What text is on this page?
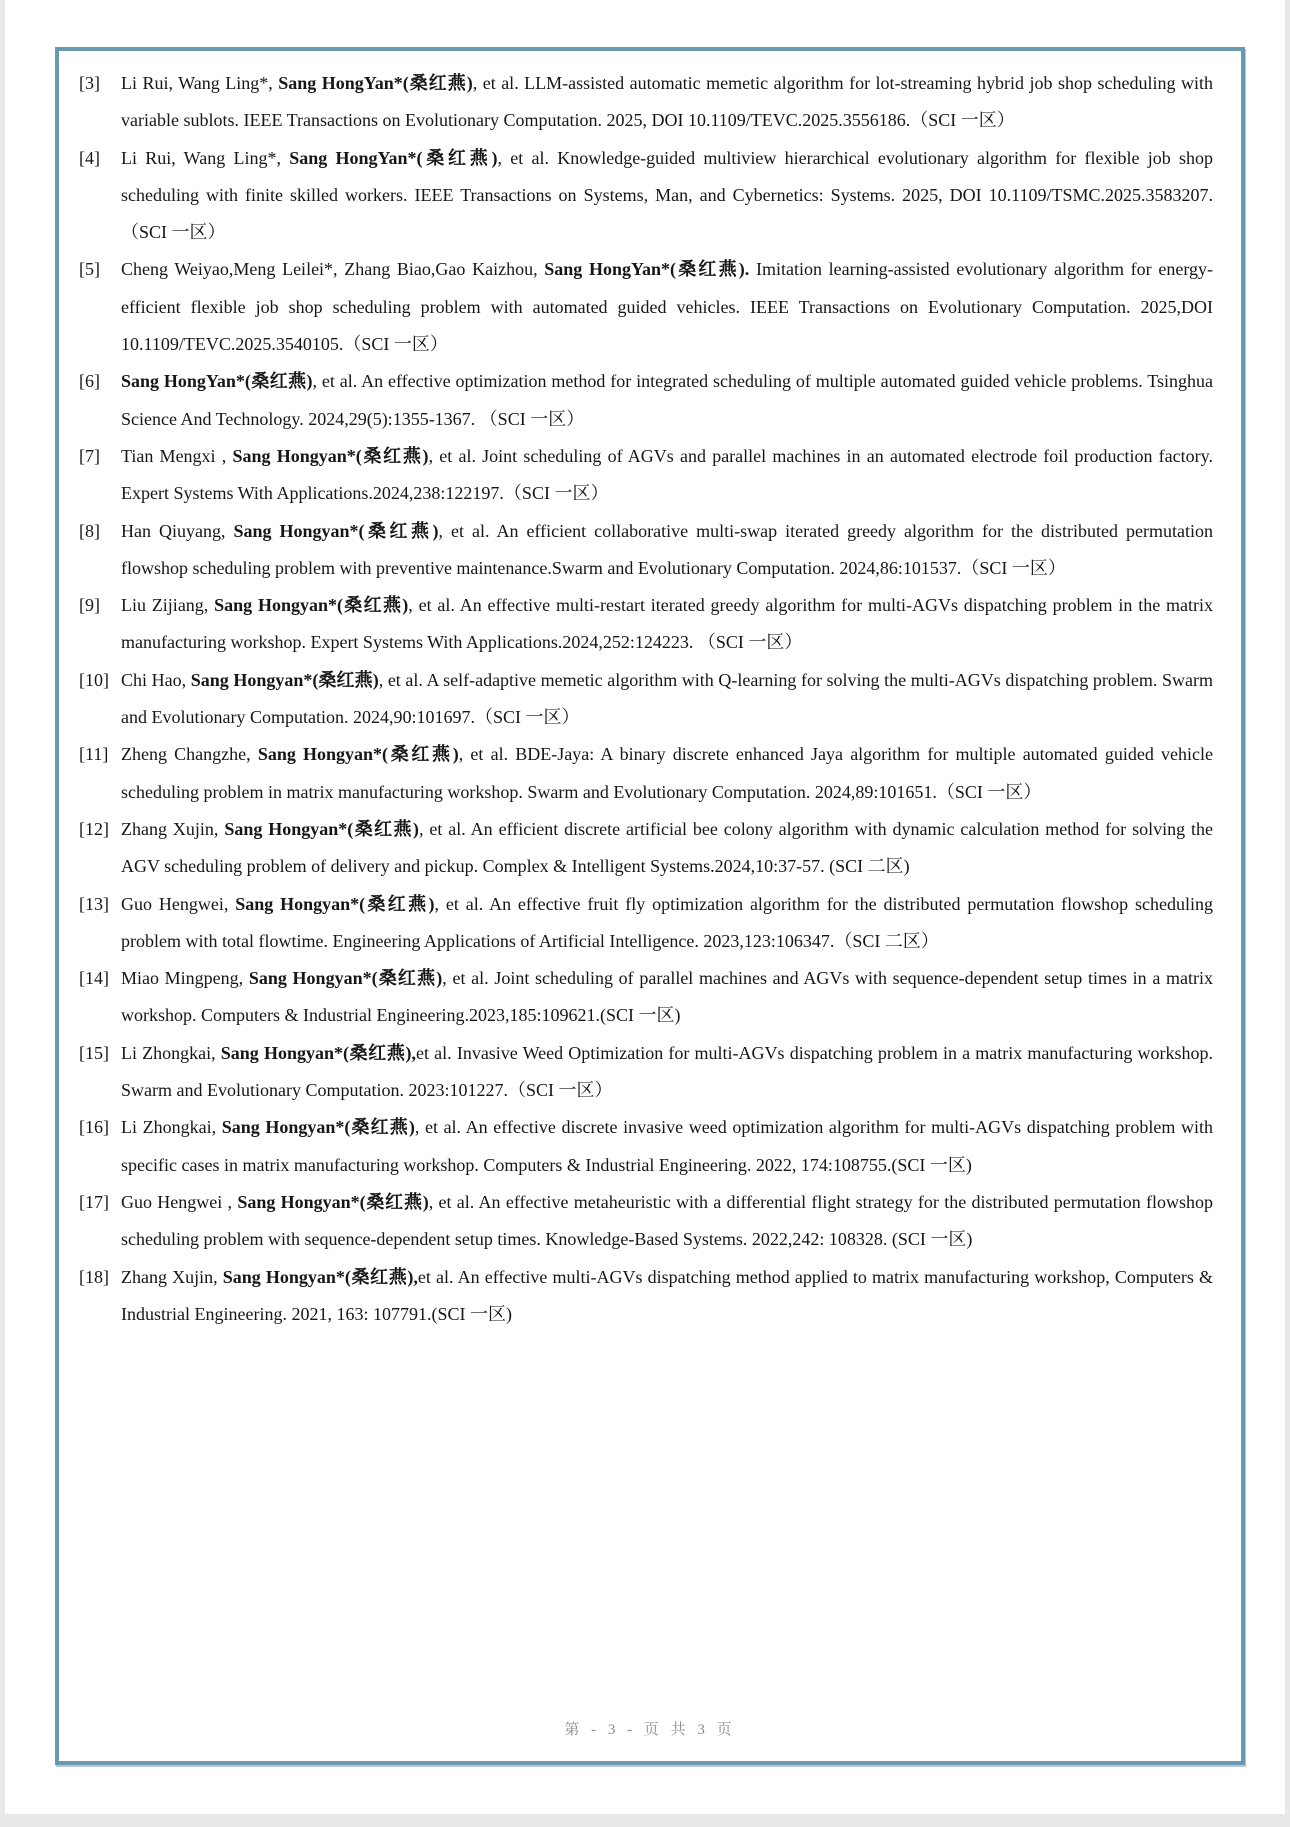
[3]	Li Rui, Wang Ling*, Sang HongYan*(桑红燕), et al. LLM-assisted automatic memetic algorithm for lot-streaming hybrid job shop scheduling with variable sublots. IEEE Transactions on Evolutionary Computation. 2025, DOI 10.1109/TEVC.2025.3556186.（SCI 一区）
[4]	Li Rui, Wang Ling*, Sang HongYan*(桑红燕), et al. Knowledge-guided multiview hierarchical evolutionary algorithm for flexible job shop scheduling with finite skilled workers. IEEE Transactions on Systems, Man, and Cybernetics: Systems. 2025, DOI 10.1109/TSMC.2025.3583207.（SCI 一区）
[5]	Cheng Weiyao,Meng Leilei*, Zhang Biao,Gao Kaizhou, Sang HongYan*(桑红燕). Imitation learning-assisted evolutionary algorithm for energy-efficient flexible job shop scheduling problem with automated guided vehicles. IEEE Transactions on Evolutionary Computation. 2025,DOI 10.1109/TEVC.2025.3540105.（SCI 一区）
[6]	Sang HongYan*(桑红燕), et al. An effective optimization method for integrated scheduling of multiple automated guided vehicle problems. Tsinghua Science And Technology. 2024,29(5):1355-1367. （SCI 一区）
[7]	Tian Mengxi , Sang Hongyan*(桑红燕), et al. Joint scheduling of AGVs and parallel machines in an automated electrode foil production factory. Expert Systems With Applications.2024,238:122197.（SCI 一区）
[8]	Han Qiuyang, Sang Hongyan*(桑红燕), et al. An efficient collaborative multi-swap iterated greedy algorithm for the distributed permutation flowshop scheduling problem with preventive maintenance.Swarm and Evolutionary Computation. 2024,86:101537.（SCI 一区）
[9]	Liu Zijiang, Sang Hongyan*(桑红燕), et al. An effective multi-restart iterated greedy algorithm for multi-AGVs dispatching problem in the matrix manufacturing workshop. Expert Systems With Applications.2024,252:124223. （SCI 一区）
[10] Chi Hao, Sang Hongyan*(桑红燕), et al. A self-adaptive memetic algorithm with Q-learning for solving the multi-AGVs dispatching problem. Swarm and Evolutionary Computation. 2024,90:101697.（SCI 一区）
[11] Zheng Changzhe, Sang Hongyan*(桑红燕), et al. BDE-Jaya: A binary discrete enhanced Jaya algorithm for multiple automated guided vehicle scheduling problem in matrix manufacturing workshop. Swarm and Evolutionary Computation. 2024,89:101651.（SCI 一区）
[12] Zhang Xujin, Sang Hongyan*(桑红燕), et al. An efficient discrete artificial bee colony algorithm with dynamic calculation method for solving the AGV scheduling problem of delivery and pickup. Complex & Intelligent Systems.2024,10:37-57. (SCI 二区)
[13] Guo Hengwei, Sang Hongyan*(桑红燕), et al. An effective fruit fly optimization algorithm for the distributed permutation flowshop scheduling problem with total flowtime. Engineering Applications of Artificial Intelligence. 2023,123:106347.（SCI 二区）
[14] Miao Mingpeng, Sang Hongyan*(桑红燕), et al. Joint scheduling of parallel machines and AGVs with sequence-dependent setup times in a matrix workshop. Computers & Industrial Engineering.2023,185:109621.(SCI 一区)
[15] Li Zhongkai, Sang Hongyan*(桑红燕),et al. Invasive Weed Optimization for multi-AGVs dispatching problem in a matrix manufacturing workshop. Swarm and Evolutionary Computation. 2023:101227.（SCI 一区）
[16] Li Zhongkai, Sang Hongyan*(桑红燕), et al. An effective discrete invasive weed optimization algorithm for multi-AGVs dispatching problem with specific cases in matrix manufacturing workshop. Computers & Industrial Engineering. 2022, 174:108755.(SCI 一区)
[17] Guo Hengwei , Sang Hongyan*(桑红燕), et al. An effective metaheuristic with a differential flight strategy for the distributed permutation flowshop scheduling problem with sequence-dependent setup times. Knowledge-Based Systems. 2022,242: 108328. (SCI 一区)
[18] Zhang Xujin, Sang Hongyan*(桑红燕),et al. An effective multi-AGVs dispatching method applied to matrix manufacturing workshop, Computers & Industrial Engineering. 2021, 163: 107791.(SCI 一区)
第 - 3 - 页 共 3 页
